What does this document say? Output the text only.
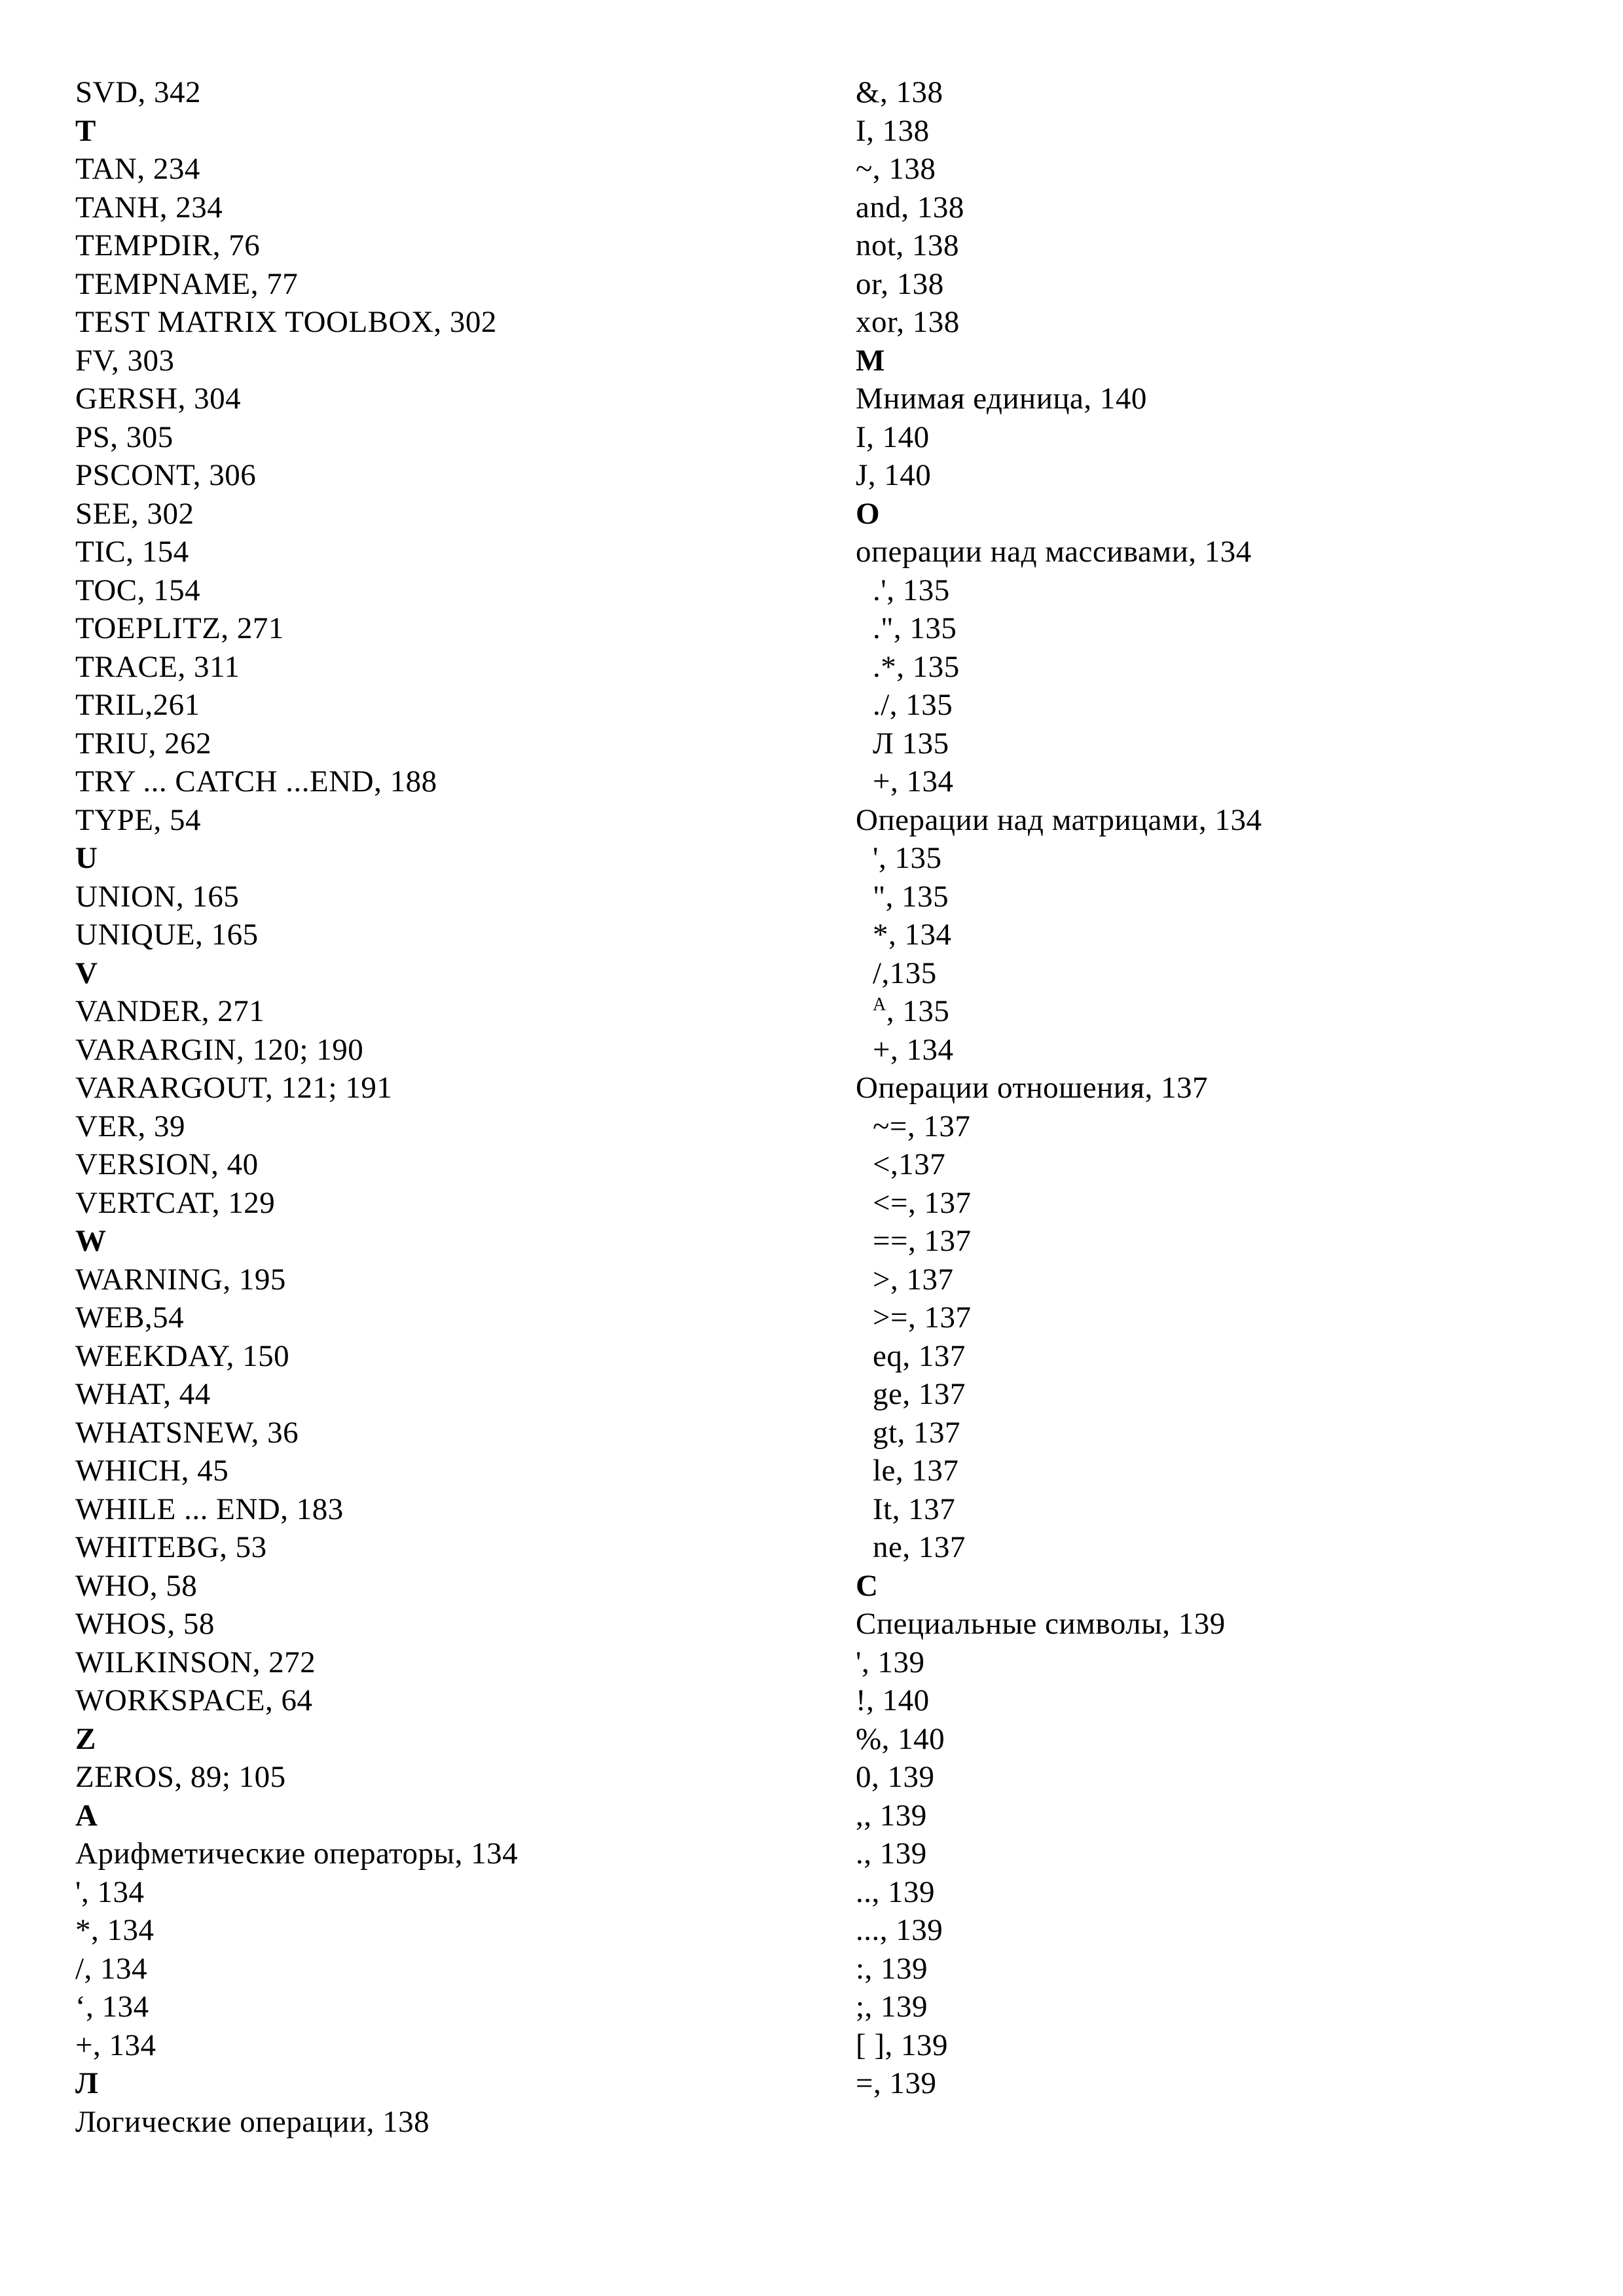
SVD, 342
T
TAN, 234
TANH, 234
TEMPDIR, 76
TEMPNAME, 77
TEST MATRIX TOOLBOX, 302
FV, 303
GERSH, 304
PS, 305
PSCONT, 306
SEE, 302
TIC, 154
TOC, 154
TOEPLITZ, 271
TRACE, 311
TRIL,261
TRIU, 262
TRY ... CATCH ...END, 188
TYPE, 54
U
UNION, 165
UNIQUE, 165
V
VANDER, 271
VARARGIN, 120; 190
VARARGOUT, 121; 191
VER, 39
VERSION, 40
VERTCAT, 129
W
WARNING, 195
WEB,54
WEEKDAY, 150
WHAT, 44
WHATSNEW, 36
WHICH, 45
WHILE ... END, 183
WHITEBG, 53
WHO, 58
WHOS, 58
WILKINSON, 272
WORKSPACE, 64
Z
ZEROS, 89; 105
А
Арифметические операторы, 134
', 134
*, 134
/, 134
‘, 134
+, 134
Л
Логические операции, 138
&, 138
I, 138
~, 138
and, 138
not, 138
or, 138
xor, 138
М
Мнимая единица, 140
I, 140
J, 140
О
операции над массивами, 134
.', 135
.", 135
.*, 135
./, 135
Л 135
+, 134
Операции над матрицами, 134
', 135
", 135
*, 134
/,135
$^A$, 135
+, 134
Операции отношения, 137
~=, 137
<,137
<=, 137
==, 137
>, 137
>=, 137
eq, 137
ge, 137
gt, 137
le, 137
It, 137
ne, 137
С
Специальные символы, 139
', 139
!, 140
%, 140
0, 139
,, 139
., 139
.., 139
..., 139
:, 139
;, 139
[ ], 139
=, 139
